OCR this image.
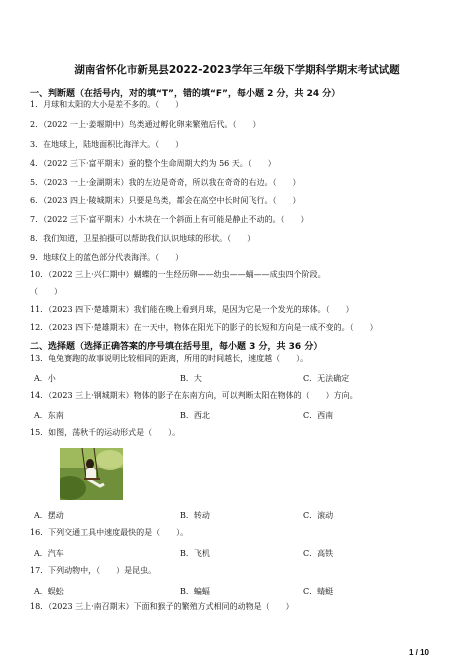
湖南省怀化市新晃县2022-2023学年三年级下学期科学期末考试试题
一、判断题（在括号内，对的填“T”，错的填“F”，每小题 2 分，共 24 分）
1．月球和太阳的大小是差不多的。（　　）
2．（2022 一上·姜堰期中）鸟类通过孵化卵来繁殖后代。（　　）
3．在地球上，陆地面积比海洋大。（　　）
4．（2022 三下·富平期末）蚕的整个生命周期大约为 56 天。（　　）
5．（2023 一上·金湖期末）我的左边是奇奇，所以我在奇奇的右边。（　　）
6．（2023 四上·陵城期末）只要是鸟类，都会在高空中长时间飞行。（　　）
7．（2022 三下·富平期末）小木块在一个斜面上有可能是静止不动的。（　　）
8．我们知道，卫星拍摄可以帮助我们认识地球的形状。（　　）
9．地球仪上的蓝色部分代表海洋。（　　）
10．（2022 三上·兴仁期中）蝴蝶的一生经历卵——幼虫——蛹——成虫四个阶段。
（　　）
11．（2023 四下·楚雄期末）我们能在晚上看到月球，是因为它是一个发光的球体。（　　）
12．（2023 四下·楚雄期末）在一天中，物体在阳光下的影子的长短和方向是一成不变的。（　　）
二、选择题（选择正确答案的序号填在括号里，每小题 3 分，共 36 分）
13．龟兔赛跑的故事说明比较相同的距离，所用的时间越长，速度越（　　）。
A．小	B．大	C．无法确定
14．（2023 三上·钢城期末）物体的影子在东南方向，可以判断太阳在物体的（　　）方向。
A．东南	B．西北	C．西南
15．如图，荡秋千的运动形式是（　　）。
A．摆动	B．转动	C．滚动
16．下列交通工具中速度最快的是（　　）。
A．汽车	B．飞机	C．高铁
17．下列动物中，（　　）是昆虫。
A．蜈蚣	B．蝙蝠	C．蜻蜓
18．（2023 三上·南召期末）下面和猴子的繁殖方式相同的动物是（　　）
1 / 10
